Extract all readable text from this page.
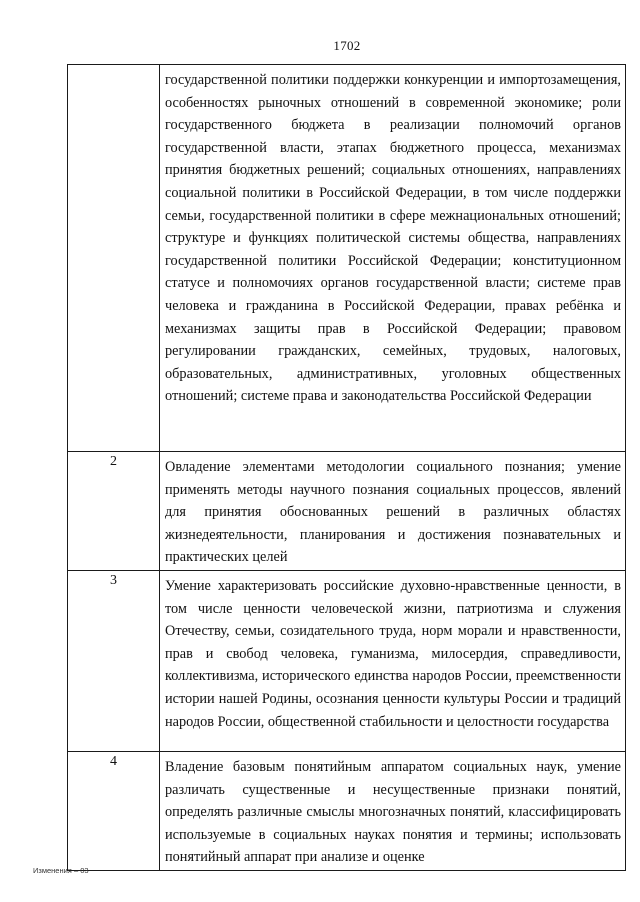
1702
	государственной политики поддержки конкуренции и импортозамещения, особенностях рыночных отношений в современной экономике; роли государственного бюджета в реализации полномочий органов государственной власти, этапах бюджетного процесса, механизмах принятия бюджетных решений; социальных отношениях, направлениях социальной политики в Российской Федерации, в том числе поддержки семьи, государственной политики в сфере межнациональных отношений; структуре и функциях политической системы общества, направлениях государственной политики Российской Федерации; конституционном статусе и полномочиях органов государственной власти; системе прав человека и гражданина в Российской Федерации, правах ребёнка и механизмах защиты прав в Российской Федерации; правовом регулировании гражданских, семейных, трудовых, налоговых, образовательных, административных, уголовных общественных отношений; системе права и законодательства Российской Федерации
2	Овладение элементами методологии социального познания; умение применять методы научного познания социальных процессов, явлений для принятия обоснованных решений в различных областях жизнедеятельности, планирования и достижения познавательных и практических целей
3	Умение характеризовать российские духовно-нравственные ценности, в том числе ценности человеческой жизни, патриотизма и служения Отечеству, семьи, созидательного труда, норм морали и нравственности, прав и свобод человека, гуманизма, милосердия, справедливости, коллективизма, исторического единства народов России, преемственности истории нашей Родины, осознания ценности культуры России и традиций народов России, общественной стабильности и целостности государства
4	Владение базовым понятийным аппаратом социальных наук, умение различать существенные и несущественные признаки понятий, определять различные смыслы многозначных понятий, классифицировать используемые в социальных науках понятия и термины; использовать понятийный аппарат при анализе и оценке
Изменения – 03
